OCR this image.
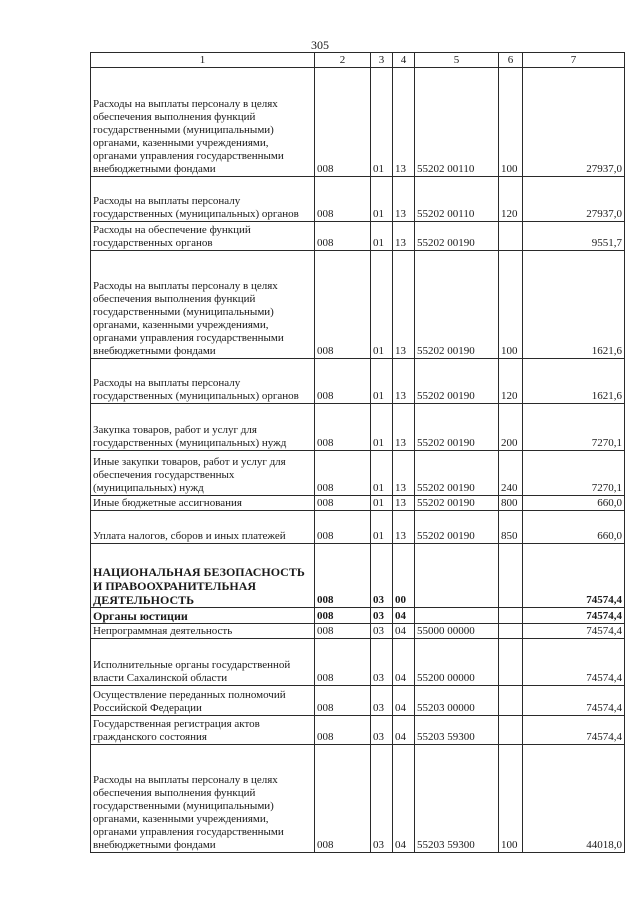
305
1	2	3	4	5	6	7
Расходы на выплаты персоналу в целях обеспечения выполнения функций государственными (муниципальными) органами, казенными учреждениями, органами управления государственными внебюджетными фондами	008	01	13	55202 00110	100	27937,0
Расходы на выплаты персоналу государственных (муниципальных) органов	008	01	13	55202 00110	120	27937,0
Расходы на обеспечение функций государственных органов	008	01	13	55202 00190		9551,7
Расходы на выплаты персоналу в целях обеспечения выполнения функций государственными (муниципальными) органами, казенными учреждениями, органами управления государственными внебюджетными фондами	008	01	13	55202 00190	100	1621,6
Расходы на выплаты персоналу государственных (муниципальных) органов	008	01	13	55202 00190	120	1621,6
Закупка товаров, работ и услуг для государственных (муниципальных) нужд	008	01	13	55202 00190	200	7270,1
Иные закупки товаров, работ и услуг для обеспечения государственных (муниципальных) нужд	008	01	13	55202 00190	240	7270,1
Иные бюджетные ассигнования	008	01	13	55202 00190	800	660,0
Уплата налогов, сборов и иных платежей	008	01	13	55202 00190	850	660,0
НАЦИОНАЛЬНАЯ БЕЗОПАСНОСТЬ И ПРАВООХРАНИТЕЛЬНАЯ ДЕЯТЕЛЬНОСТЬ	008	03	00			74574,4
Органы юстиции	008	03	04			74574,4
Непрограммная деятельность	008	03	04	55000 00000		74574,4
Исполнительные органы государственной власти Сахалинской области	008	03	04	55200 00000		74574,4
Осуществление переданных полномочий Российской Федерации	008	03	04	55203 00000		74574,4
Государственная регистрация актов гражданского состояния	008	03	04	55203 59300		74574,4
Расходы на выплаты персоналу в целях обеспечения выполнения функций государственными (муниципальными) органами, казенными учреждениями, органами управления государственными внебюджетными фондами	008	03	04	55203 59300	100	44018,0
